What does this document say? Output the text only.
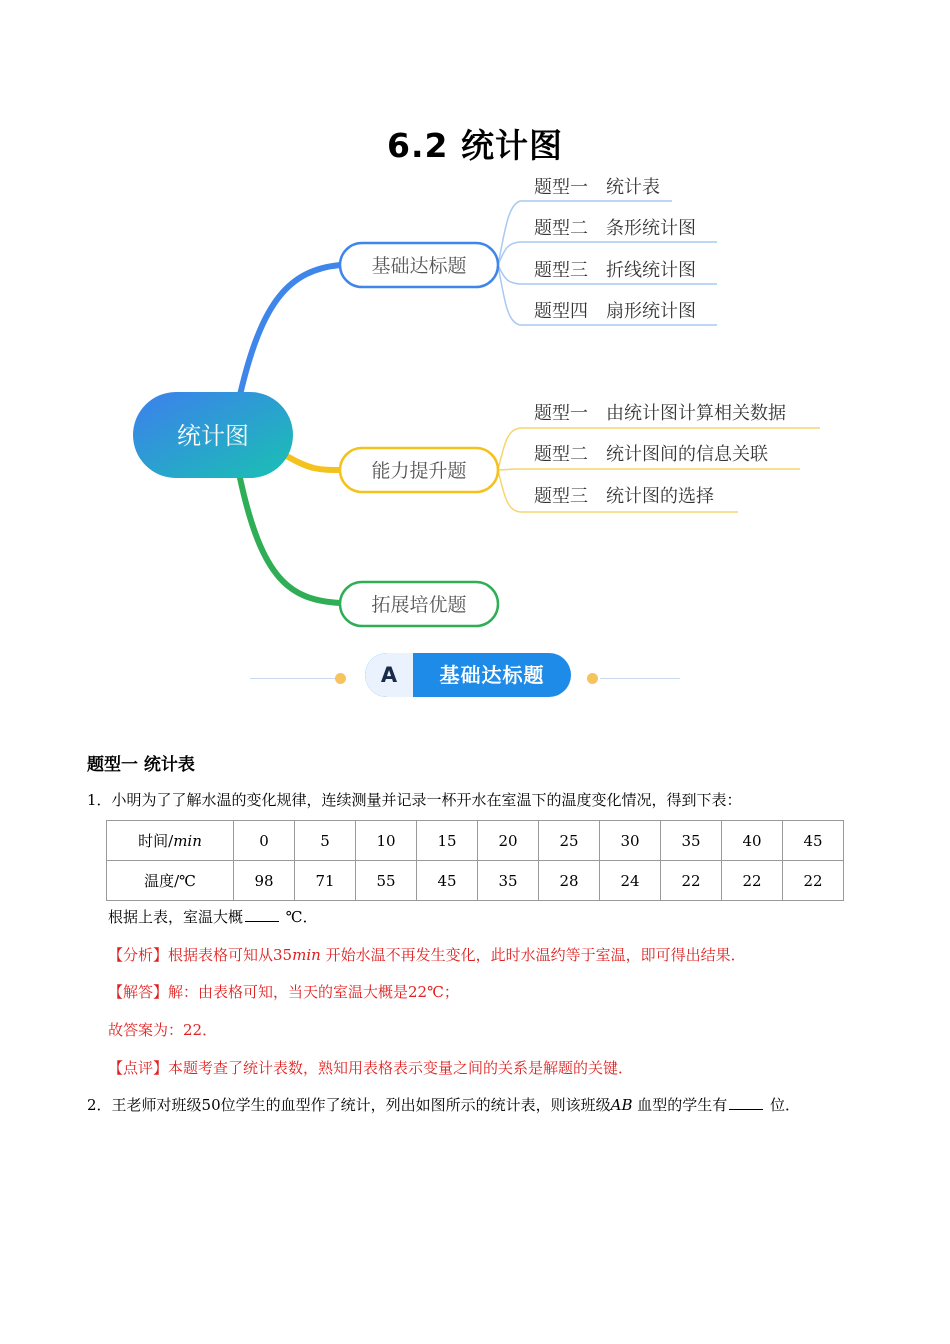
6.2 统计图
统计图
基础达标题
能力提升题
拓展培优题
题型一　统计表
题型二　条形统计图
题型三　折线统计图
题型四　扇形统计图
题型一　由统计图计算相关数据
题型二　统计图间的信息关联
题型三　统计图的选择
A	基础达标题
题型一 统计表
1．小明为了了解水温的变化规律，连续测量并记录一杯开水在室温下的温度变化情况，得到下表：
时间/min	0	5	10	15	20	25	30	35	40	45
温度/℃	98	71	55	45	35	28	24	22	22	22
根据上表，室温大概	℃．
【分析】根据表格可知从35min 开始水温不再发生变化，此时水温约等于室温，即可得出结果．
【解答】解：由表格可知，当天的室温大概是22℃；
故答案为：22．
【点评】本题考查了统计表数，熟知用表格表示变量之间的关系是解题的关键．
2．王老师对班级50位学生的血型作了统计，列出如图所示的统计表，则该班级AB 血型的学生有	位．
